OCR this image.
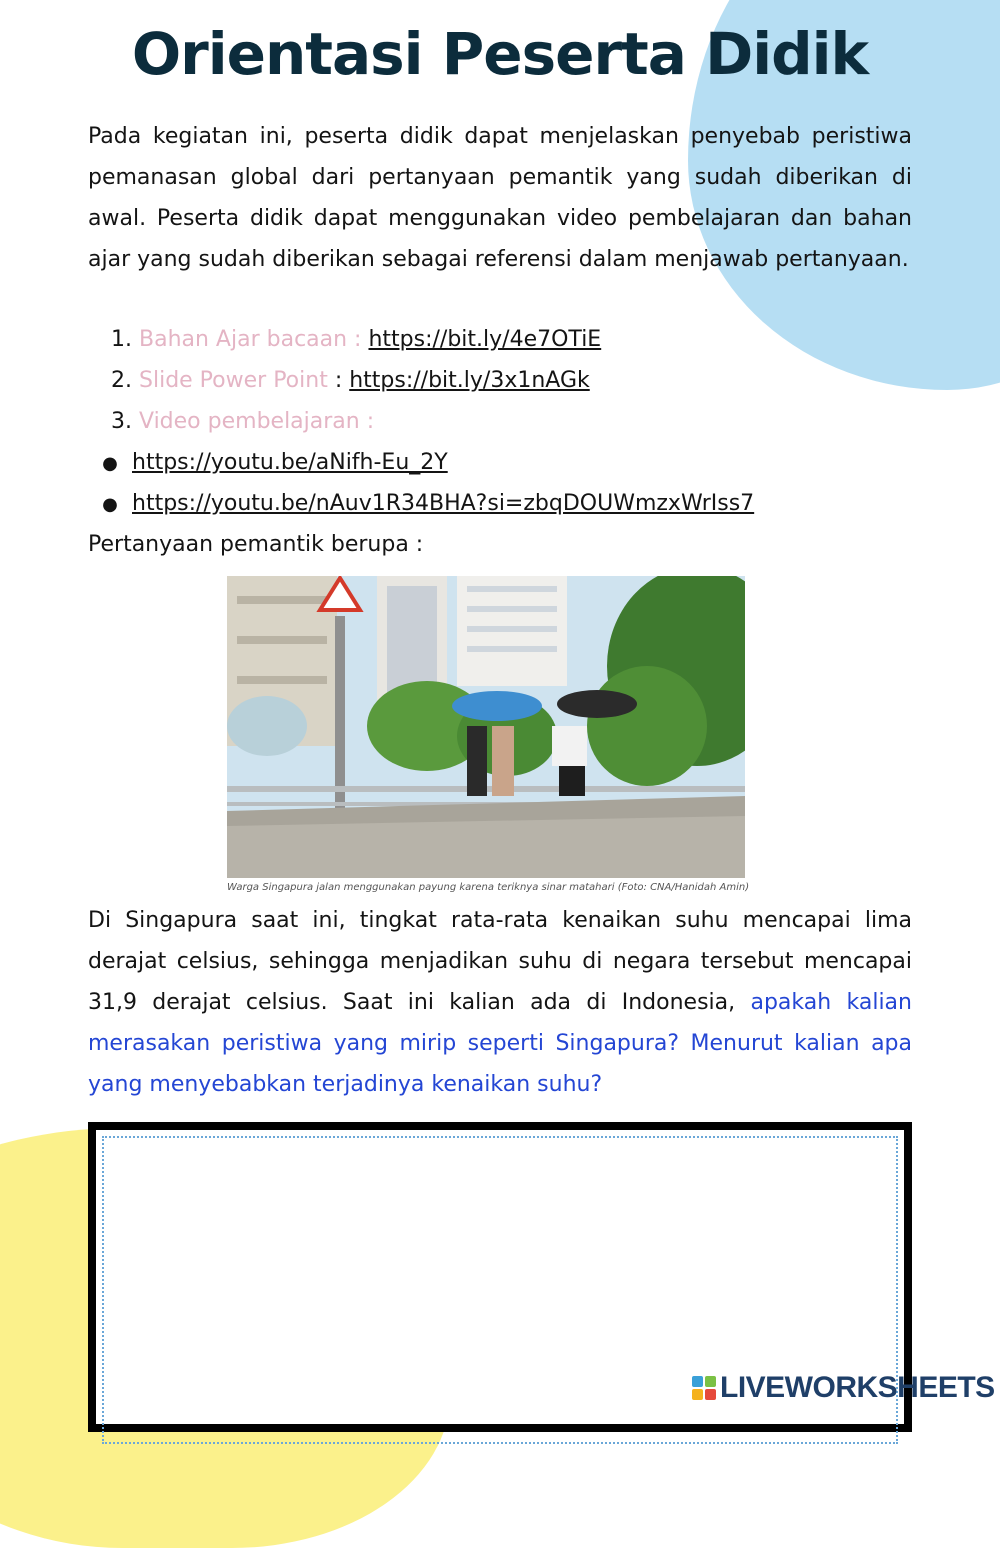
Orientasi Peserta Didik

Pada kegiatan ini, peserta didik dapat menjelaskan penyebab peristiwa pemanasan global dari pertanyaan pemantik yang sudah diberikan di awal. Peserta didik dapat menggunakan video pembelajaran dan bahan ajar yang sudah diberikan sebagai referensi dalam menjawab pertanyaan.

1. Bahan Ajar bacaan : https://bit.ly/4e7OTiE
2. Slide Power Point : https://bit.ly/3x1nAGk
3. Video pembelajaran :
● https://youtu.be/aNifh-Eu_2Y
● https://youtu.be/nAuv1R34BHA?si=zbqDOUWmzxWrIss7
Pertanyaan pemantik berupa :
Warga Singapura jalan menggunakan payung karena teriknya sinar matahari (Foto: CNA/Hanidah Amin)

Di Singapura saat ini, tingkat rata-rata kenaikan suhu mencapai lima derajat celsius, sehingga menjadikan suhu di negara tersebut mencapai 31,9 derajat celsius. Saat ini kalian ada di Indonesia, apakah kalian merasakan peristiwa yang mirip seperti Singapura? Menurut kalian apa yang menyebabkan terjadinya kenaikan suhu?

LIVEWORKSHEETS
